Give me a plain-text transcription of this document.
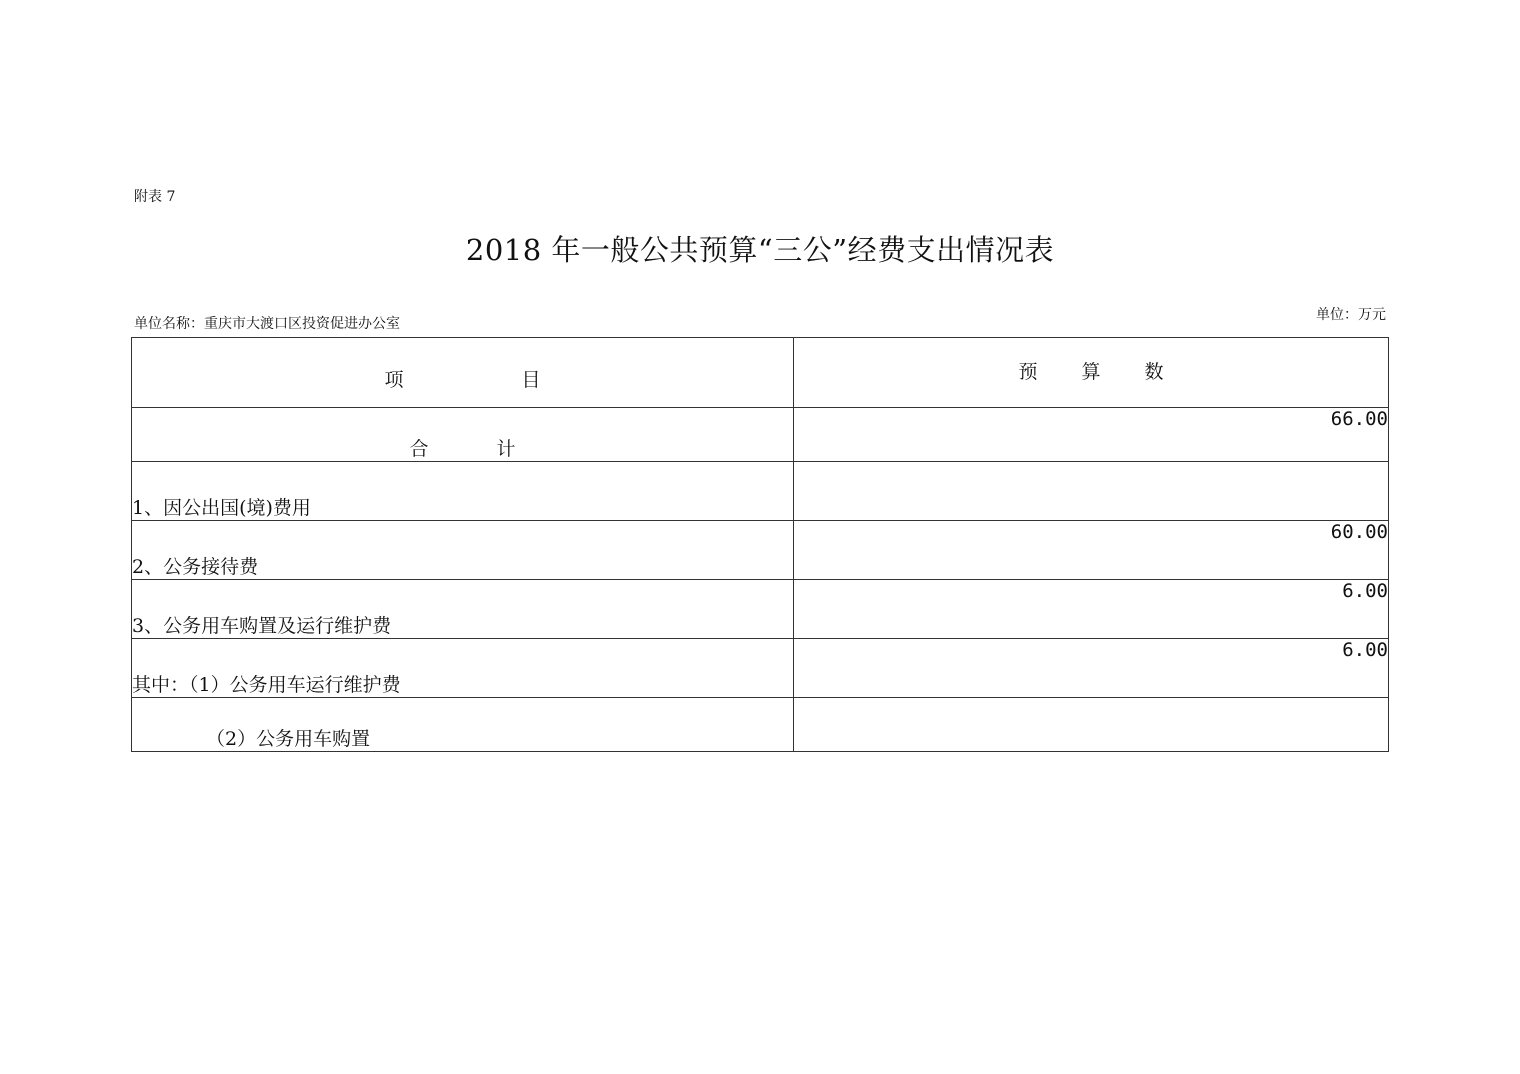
附表 7
2018 年一般公共预算“三公”经费支出情况表
单位名称：重庆市大渡口区投资促进办公室
单位：万元
项 目	预 算 数
合 计	66.00
1、因公出国(境)费用	
2、公务接待费	60.00
3、公务用车购置及运行维护费	6.00
其中：（1）公务用车运行维护费	6.00
（2）公务用车购置	
